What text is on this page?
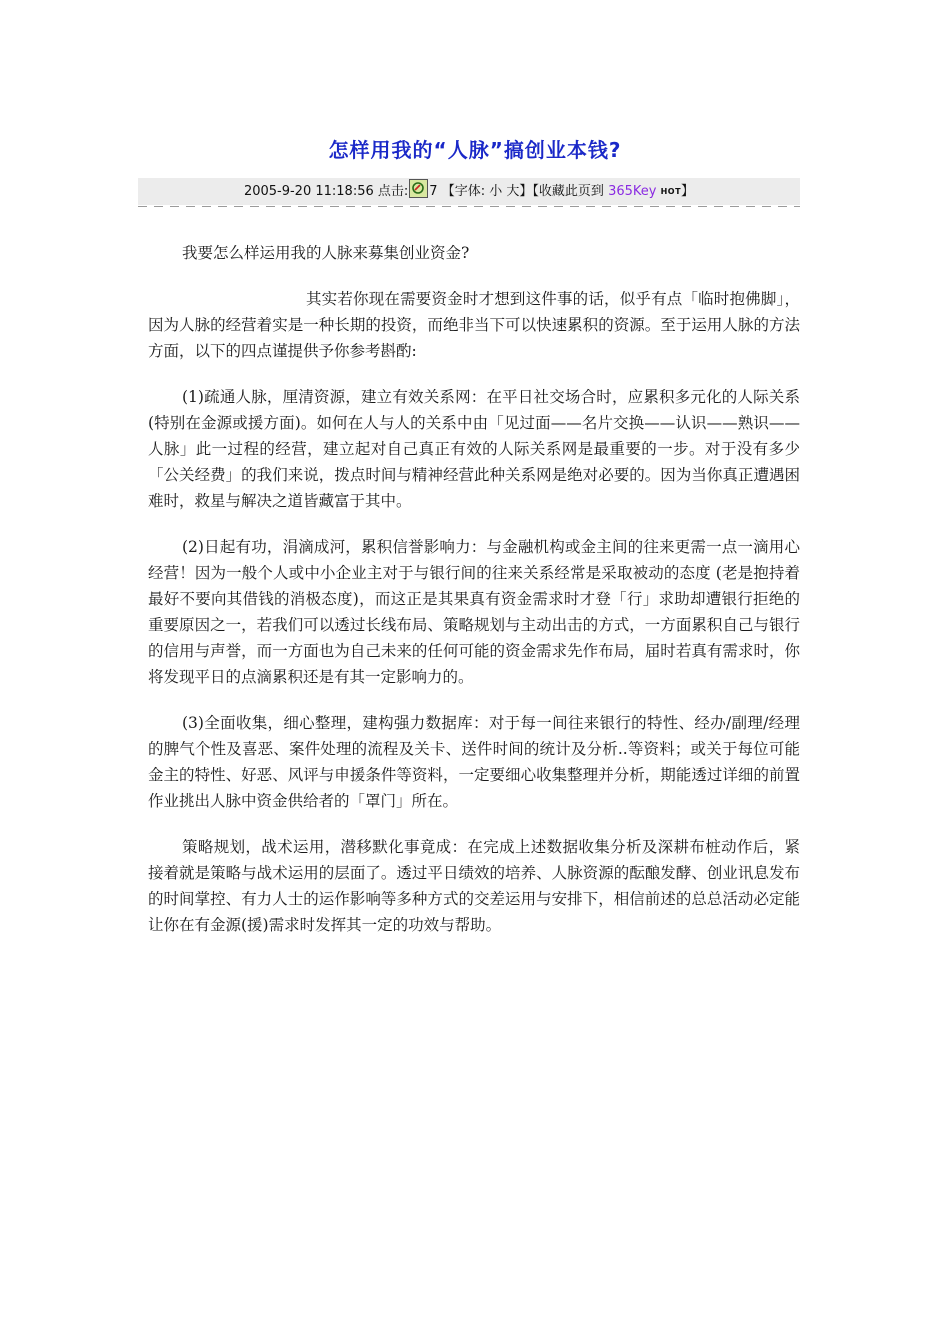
怎样用我的“人脉”搞创业本钱?
2005-9-20 11:18:56 点击: 7 【字体: 小 大】【收藏此页到 365Key HOT】

我要怎么样运用我的人脉来募集创业资金?

其实若你现在需要资金时才想到这件事的话，似乎有点「临时抱佛脚」，因为人脉的经营着实是一种长期的投资，而绝非当下可以快速累积的资源。至于运用人脉的方法方面，以下的四点谨提供予你参考斟酌:

(1)疏通人脉，厘清资源，建立有效关系网：在平日社交场合时，应累积多元化的人际关系 (特别在金源或援方面)。如何在人与人的关系中由「见过面——名片交换——认识——熟识——人脉」此一过程的经营，建立起对自己真正有效的人际关系网是最重要的一步。对于没有多少「公关经费」的我们来说，拨点时间与精神经营此种关系网是绝对必要的。因为当你真正遭遇困难时，救星与解决之道皆藏富于其中。

(2)日起有功，涓滴成河，累积信誉影响力：与金融机构或金主间的往来更需一点一滴用心经营！因为一般个人或中小企业主对于与银行间的往来关系经常是采取被动的态度 (老是抱持着最好不要向其借钱的消极态度)，而这正是其果真有资金需求时才登「行」求助却遭银行拒绝的重要原因之一，若我们可以透过长线布局、策略规划与主动出击的方式，一方面累积自己与银行的信用与声誉，而一方面也为自己未来的任何可能的资金需求先作布局，届时若真有需求时，你将发现平日的点滴累积还是有其一定影响力的。

(3)全面收集，细心整理，建构强力数据库：对于每一间往来银行的特性、经办/副理/经理的脾气个性及喜恶、案件处理的流程及关卡、送件时间的统计及分析..等资料；或关于每位可能金主的特性、好恶、风评与申援条件等资料，一定要细心收集整理并分析，期能透过详细的前置作业挑出人脉中资金供给者的「罩门」所在。

策略规划，战术运用，潜移默化事竟成：在完成上述数据收集分析及深耕布桩动作后，紧接着就是策略与战术运用的层面了。透过平日绩效的培养、人脉资源的酝酿发酵、创业讯息发布的时间掌控、有力人士的运作影响等多种方式的交差运用与安排下，相信前述的总总活动必定能让你在有金源(援)需求时发挥其一定的功效与帮助。
